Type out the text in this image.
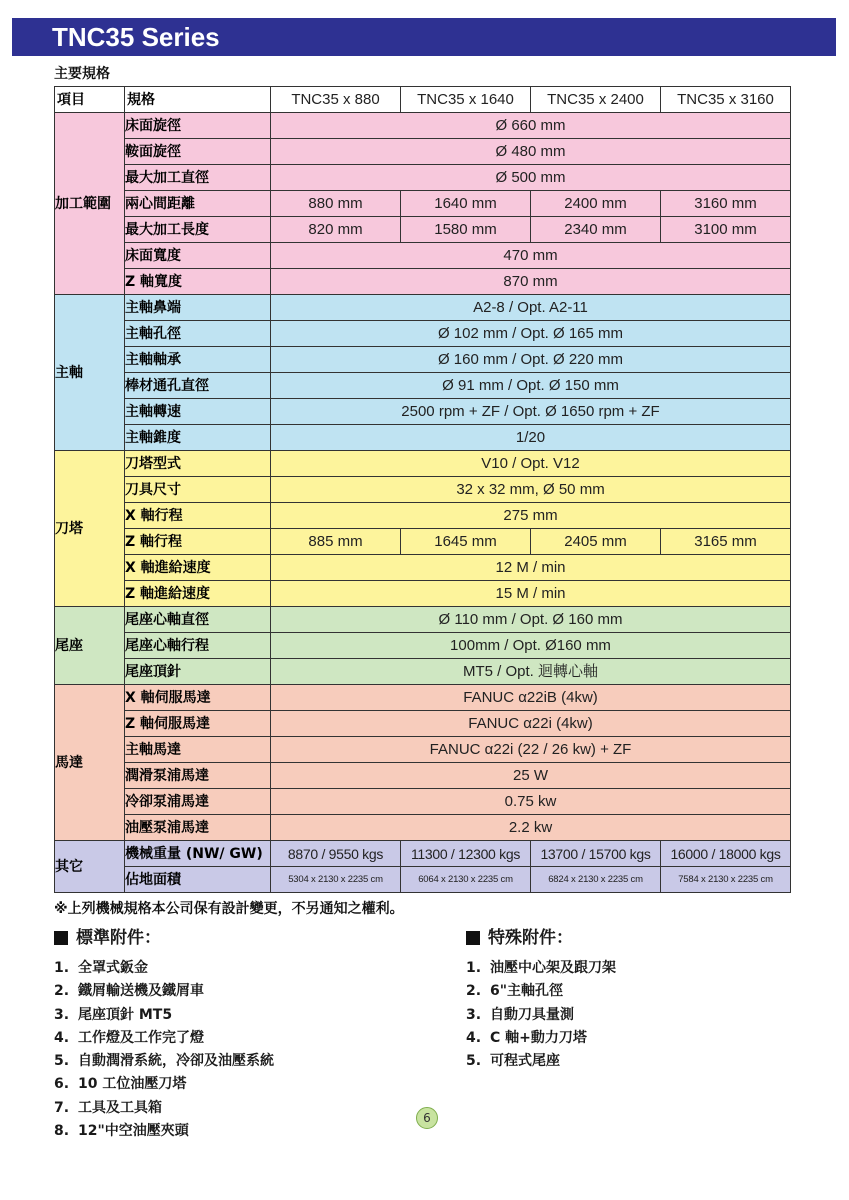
TNC35 Series
主要規格
項目	規格	TNC35 x 880	TNC35 x 1640	TNC35 x 2400	TNC35 x 3160
加工範圍	床面旋徑	Ø 660 mm			
	鞍面旋徑	Ø 480 mm			
	最大加工直徑	Ø 500 mm			
	兩心間距離	880 mm	1640 mm	2400 mm	3160 mm
	最大加工長度	820 mm	1580 mm	2340 mm	3100 mm
	床面寬度	470 mm			
	Z 軸寬度	870 mm			
主軸	主軸鼻端	A2-8 / Opt. A2-11			
	主軸孔徑	Ø 102 mm / Opt. Ø 165 mm			
	主軸軸承	Ø 160 mm / Opt. Ø 220 mm			
	棒材通孔直徑	Ø 91 mm / Opt. Ø 150 mm			
	主軸轉速	2500 rpm + ZF / Opt. Ø 1650 rpm + ZF			
	主軸錐度	1/20			
刀塔	刀塔型式	V10 / Opt. V12			
	刀具尺寸	32 x 32 mm, Ø 50 mm			
	X 軸行程	275 mm			
	Z 軸行程	885 mm	1645 mm	2405 mm	3165 mm
	X 軸進給速度	12 M / min			
	Z 軸進給速度	15 M / min			
尾座	尾座心軸直徑	Ø 110 mm / Opt. Ø 160 mm			
	尾座心軸行程	100mm / Opt. Ø160 mm			
	尾座頂針	MT5 / Opt. 迴轉心軸			
馬達	X 軸伺服馬達	FANUC α22iB (4kw)			
	Z 軸伺服馬達	FANUC α22i (4kw)			
	主軸馬達	FANUC α22i (22 / 26 kw) + ZF			
	潤滑泵浦馬達	25 W			
	冷卻泵浦馬達	0.75 kw			
	油壓泵浦馬達	2.2 kw			
其它	機械重量 (NW/ GW)	8870 / 9550 kgs	11300 / 12300 kgs	13700 / 15700 kgs	16000 / 18000 kgs
	佔地面積	5304 x 2130 x 2235 cm	6064 x 2130 x 2235 cm	6824 x 2130 x 2235 cm	7584 x 2130 x 2235 cm
※上列機械規格本公司保有設計變更，不另通知之權利。
標準附件：
1. 全罩式鈑金
2. 鐵屑輸送機及鐵屑車
3. 尾座頂針 MT5
4. 工作燈及工作完了燈
5. 自動潤滑系統，冷卻及油壓系統
6. 10 工位油壓刀塔
7. 工具及工具箱
8. 12"中空油壓夾頭
特殊附件：
1. 油壓中心架及跟刀架
2. 6"主軸孔徑
3. 自動刀具量測
4. C 軸+動力刀塔
5. 可程式尾座
6
